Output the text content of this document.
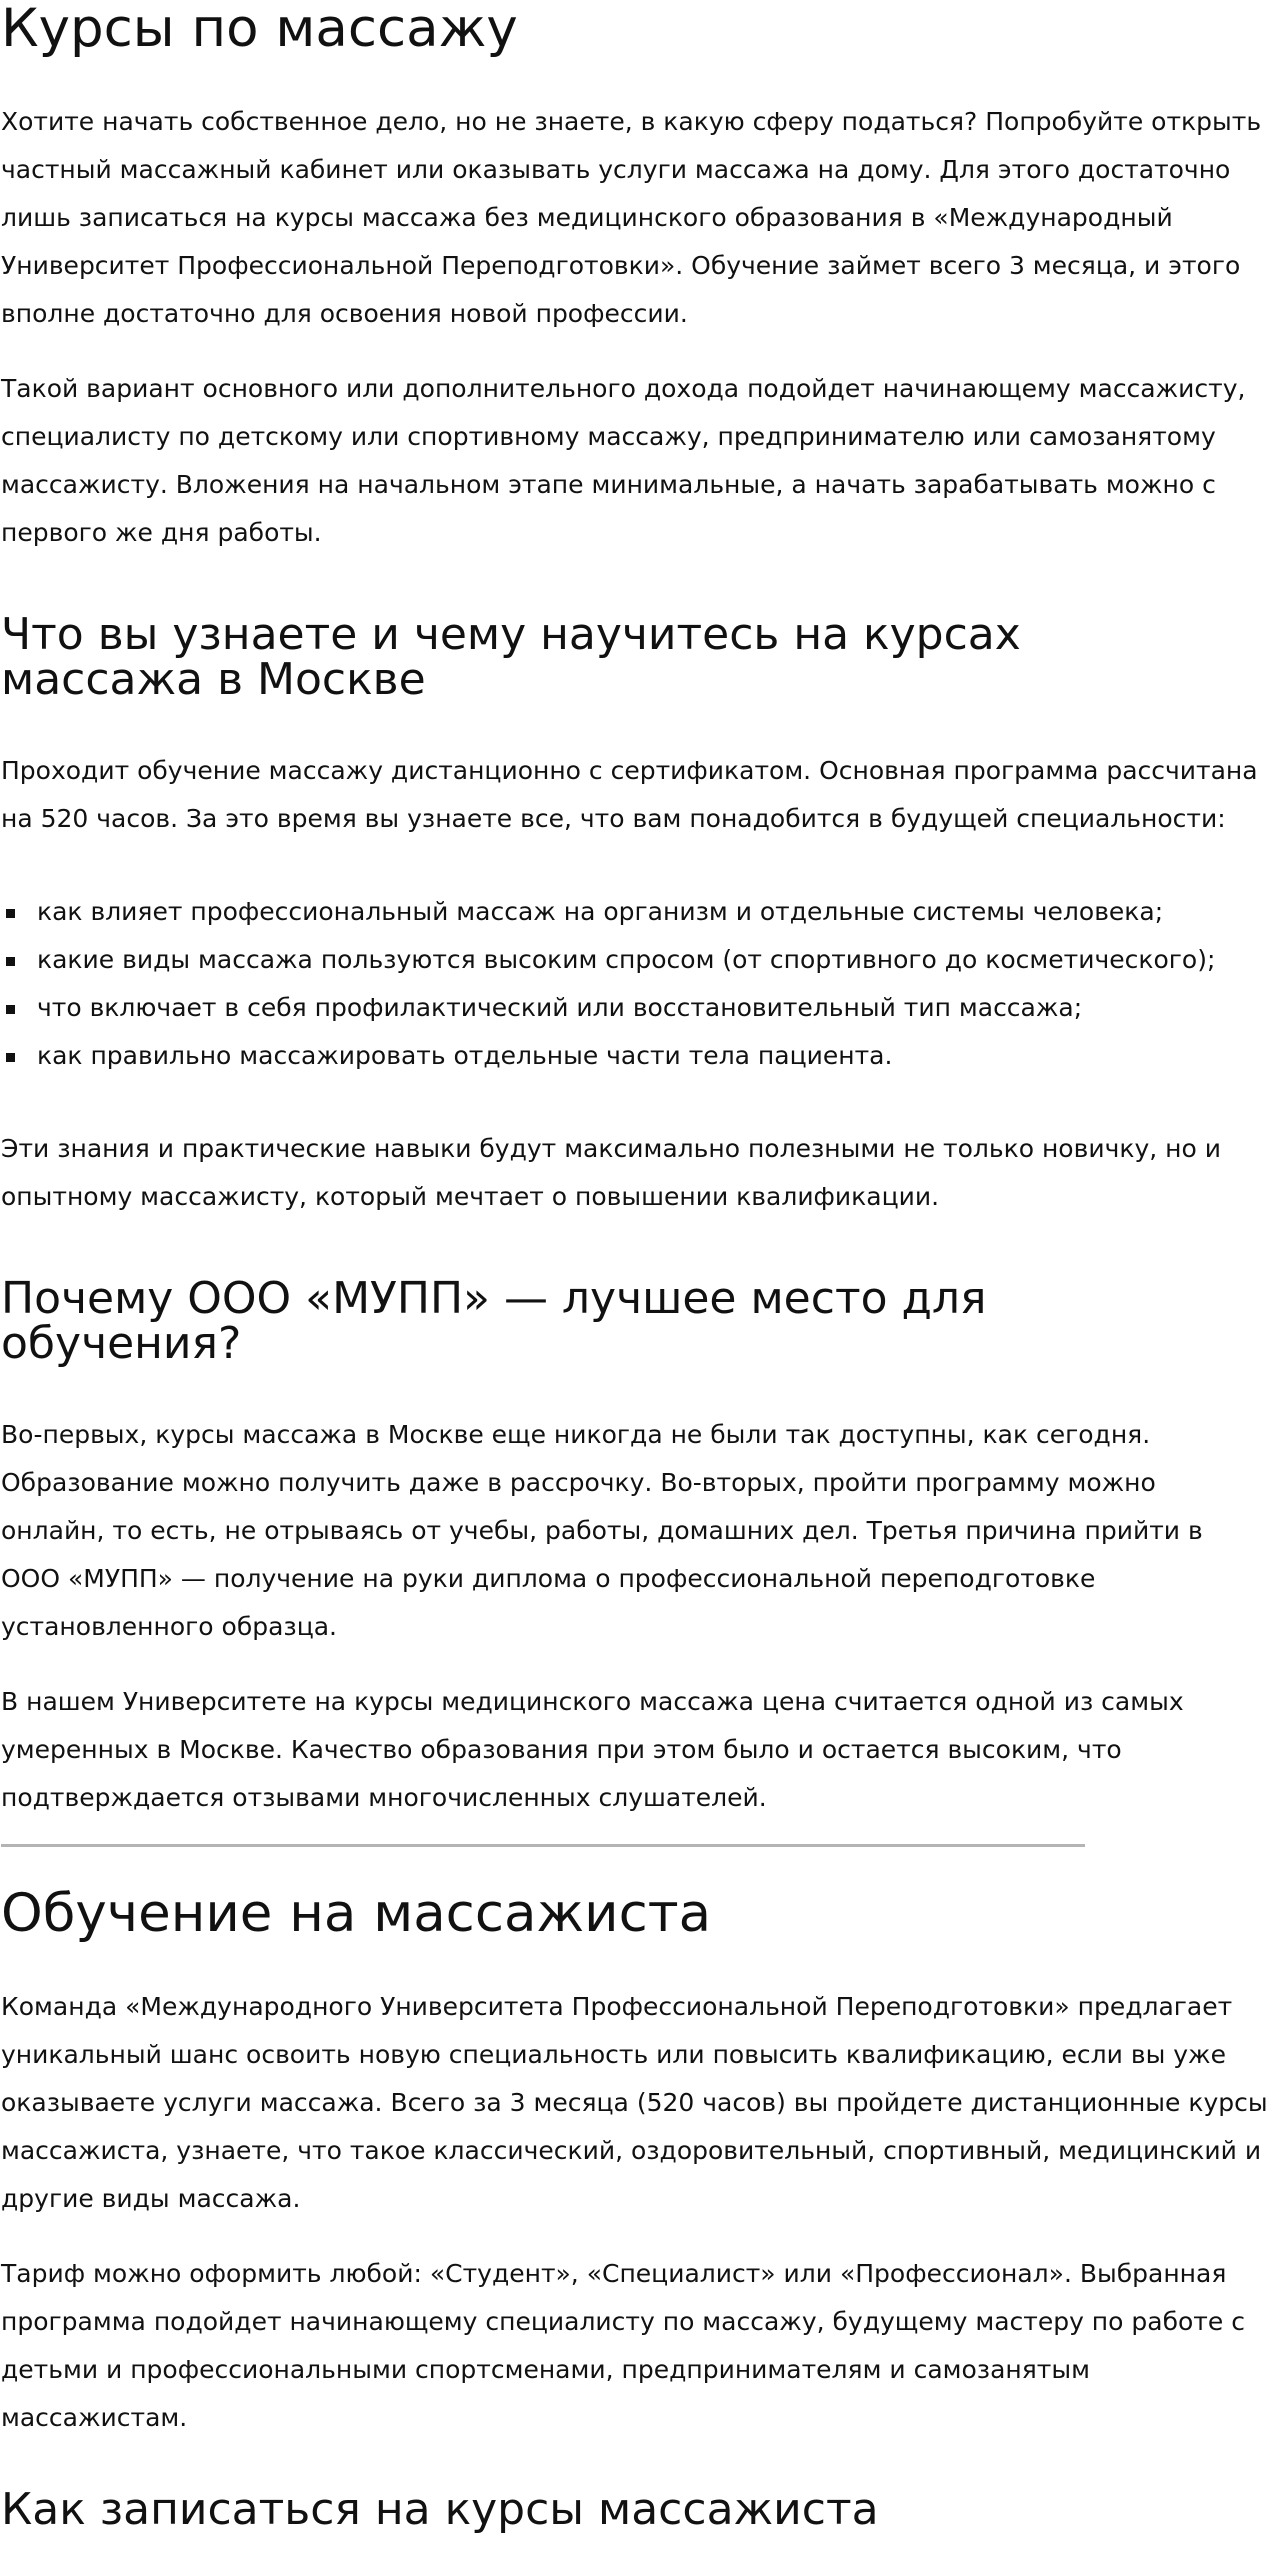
Курсы по массажу

Хотите начать собственное дело, но не знаете, в какую сферу податься? Попробуйте открыть частный массажный кабинет или оказывать услуги массажа на дому. Для этого достаточно лишь записаться на курсы массажа без медицинского образования в «Международный Университет Профессиональной Переподготовки». Обучение займет всего 3 месяца, и этого вполне достаточно для освоения новой профессии.

Такой вариант основного или дополнительного дохода подойдет начинающему массажисту, специалисту по детскому или спортивному массажу, предпринимателю или самозанятому массажисту. Вложения на начальном этапе минимальные, а начать зарабатывать можно с первого же дня работы.

Что вы узнаете и чему научитесь на курсах массажа в Москве

Проходит обучение массажу дистанционно с сертификатом. Основная программа рассчитана на 520 часов. За это время вы узнаете все, что вам понадобится в будущей специальности:

как влияет профессиональный массаж на организм и отдельные системы человека;
какие виды массажа пользуются высоким спросом (от спортивного до косметического);
что включает в себя профилактический или восстановительный тип массажа;
как правильно массажировать отдельные части тела пациента.

Эти знания и практические навыки будут максимально полезными не только новичку, но и опытному массажисту, который мечтает о повышении квалификации.

Почему ООО «МУПП» — лучшее место для обучения?

Во-первых, курсы массажа в Москве еще никогда не были так доступны, как сегодня. Образование можно получить даже в рассрочку. Во-вторых, пройти программу можно онлайн, то есть, не отрываясь от учебы, работы, домашних дел. Третья причина прийти в ООО «МУПП» — получение на руки диплома о профессиональной переподготовке установленного образца.

В нашем Университете на курсы медицинского массажа цена считается одной из самых умеренных в Москве. Качество образования при этом было и остается высоким, что подтверждается отзывами многочисленных слушателей.

Обучение на массажиста

Команда «Международного Университета Профессиональной Переподготовки» предлагает уникальный шанс освоить новую специальность или повысить квалификацию, если вы уже оказываете услуги массажа. Всего за 3 месяца (520 часов) вы пройдете дистанционные курсы массажиста, узнаете, что такое классический, оздоровительный, спортивный, медицинский и другие виды массажа.

Тариф можно оформить любой: «Студент», «Специалист» или «Профессионал». Выбранная программа подойдет начинающему специалисту по массажу, будущему мастеру по работе с детьми и профессиональными спортсменами, предпринимателям и самозанятым массажистам.

Как записаться на курсы массажиста
